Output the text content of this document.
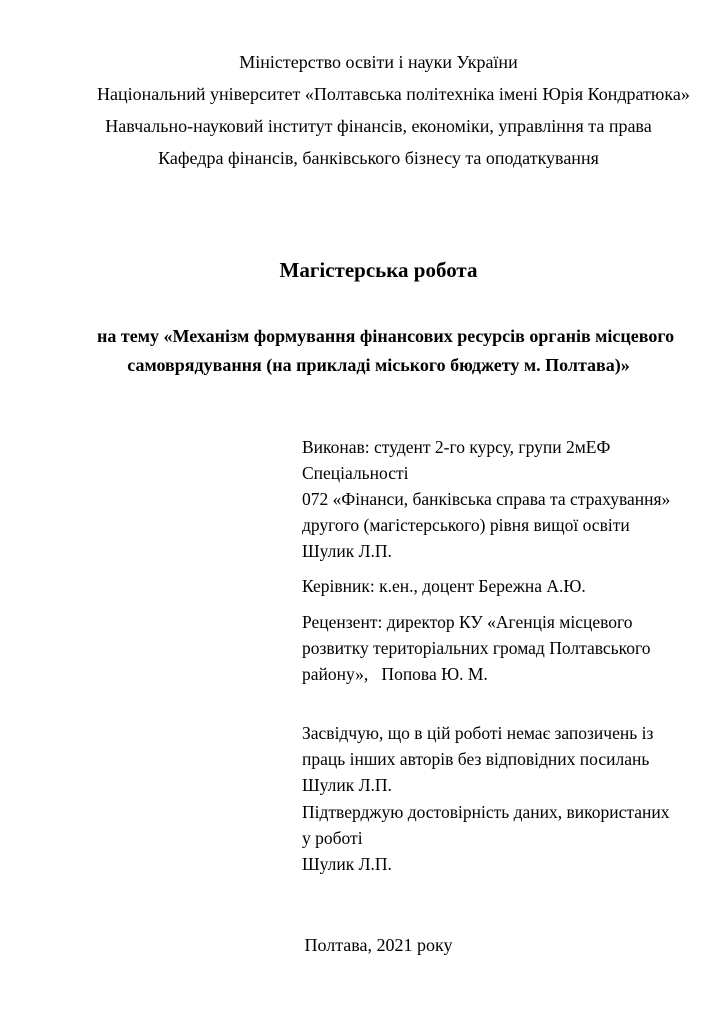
Міністерство освіти і науки України
Національний університет «Полтавська політехніка імені Юрія Кондратюка»
Навчально-науковий інститут фінансів, економіки, управління та права
Кафедра фінансів, банківського бізнесу та оподаткування
Магістерська робота
на тему «Механізм формування фінансових ресурсів органів місцевого
самоврядування (на прикладі міського бюджету м. Полтава)»
Виконав: студент 2-го курсу, групи 2мЕФ
Спеціальності
072 «Фінанси, банківська справа та страхування»
другого (магістерського) рівня вищої освіти
Шулик Л.П.
Керівник: к.ен., доцент Бережна А.Ю.
Рецензент: директор КУ «Агенція місцевого
розвитку територіальних громад Полтавського
району»,   Попова Ю. М.
Засвідчую, що в цій роботі немає запозичень із
праць інших авторів без відповідних посилань
Шулик Л.П.
Підтверджую достовірність даних, використаних
у роботі
Шулик Л.П.
Полтава, 2021 року
